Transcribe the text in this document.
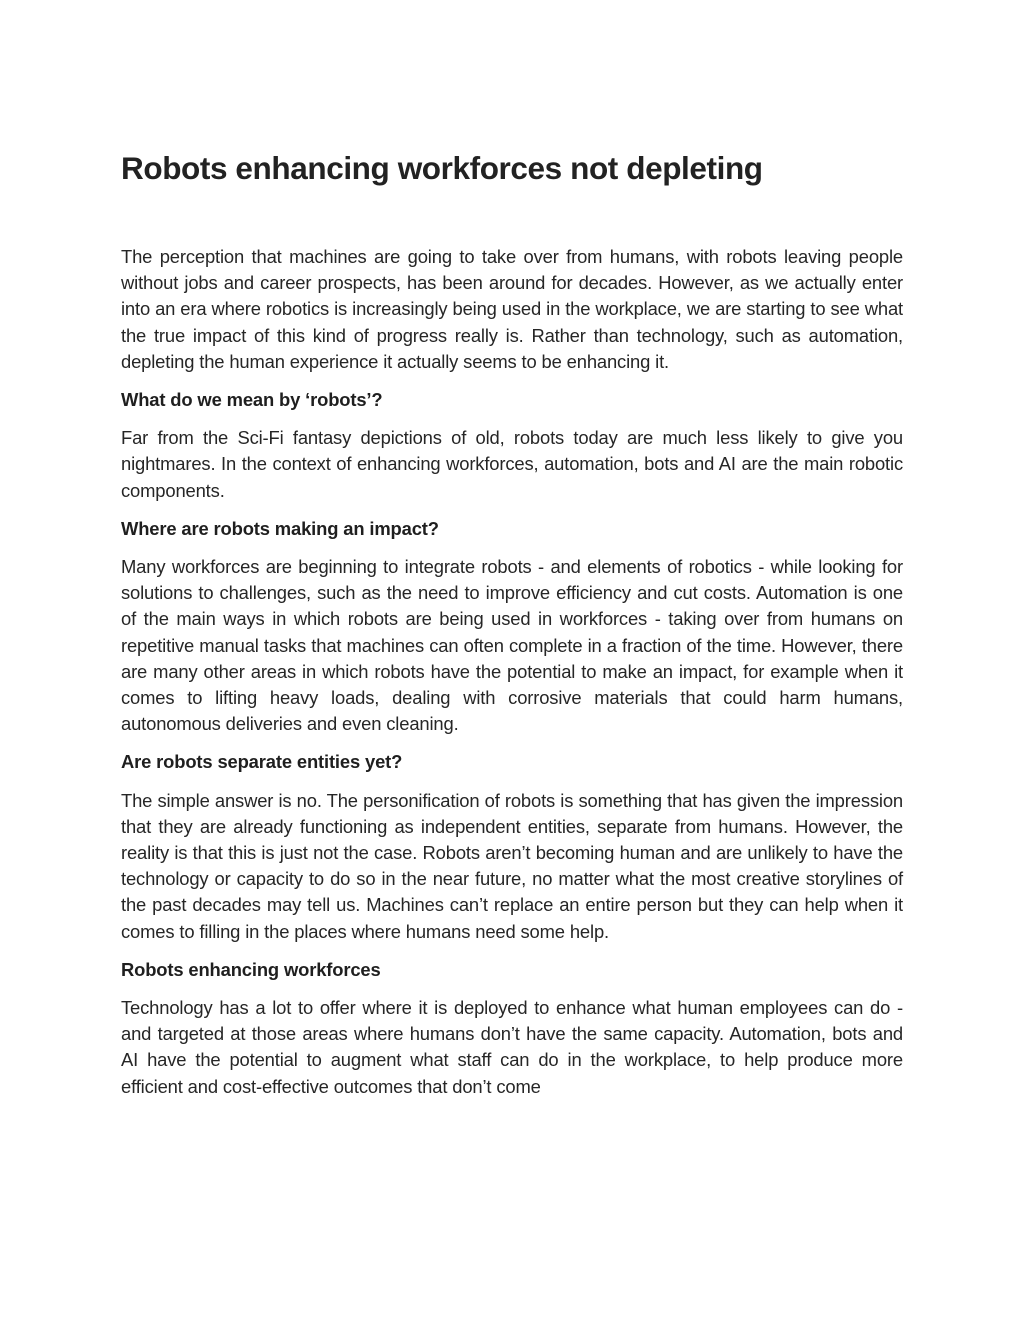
Robots enhancing workforces not depleting

The perception that machines are going to take over from humans, with robots leaving people without jobs and career prospects, has been around for decades. However, as we actually enter into an era where robotics is increasingly being used in the workplace, we are starting to see what the true impact of this kind of progress really is. Rather than technology, such as automation, depleting the human experience it actually seems to be enhancing it.

What do we mean by ‘robots’?

Far from the Sci-Fi fantasy depictions of old, robots today are much less likely to give you nightmares. In the context of enhancing workforces, automation, bots and AI are the main robotic components.

Where are robots making an impact?

Many workforces are beginning to integrate robots - and elements of robotics - while looking for solutions to challenges, such as the need to improve efficiency and cut costs. Automation is one of the main ways in which robots are being used in workforces - taking over from humans on repetitive manual tasks that machines can often complete in a fraction of the time. However, there are many other areas in which robots have the potential to make an impact, for example when it comes to lifting heavy loads, dealing with corrosive materials that could harm humans, autonomous deliveries and even cleaning.

Are robots separate entities yet?

The simple answer is no. The personification of robots is something that has given the impression that they are already functioning as independent entities, separate from humans. However, the reality is that this is just not the case. Robots aren’t becoming human and are unlikely to have the technology or capacity to do so in the near future, no matter what the most creative storylines of the past decades may tell us. Machines can’t replace an entire person but they can help when it comes to filling in the places where humans need some help.

Robots enhancing workforces

Technology has a lot to offer where it is deployed to enhance what human employees can do - and targeted at those areas where humans don’t have the same capacity. Automation, bots and AI have the potential to augment what staff can do in the workplace, to help produce more efficient and cost-effective outcomes that don’t come
